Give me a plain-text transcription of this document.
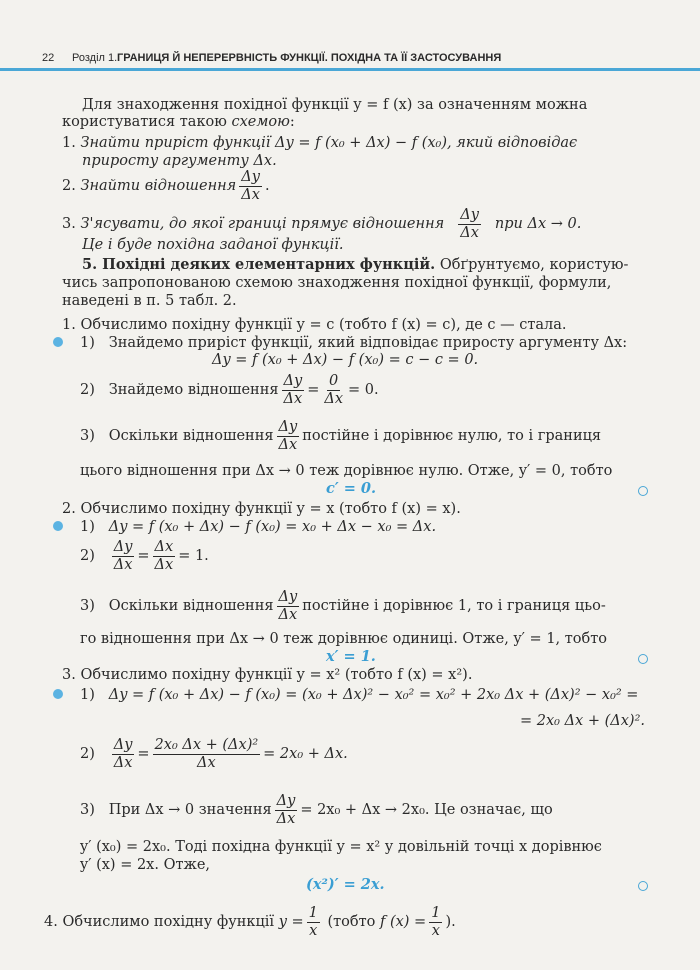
22 Розділ 1. ГРАНИЦЯ Й НЕПЕРЕРВНІСТЬ ФУНКЦІЇ. ПОХІДНА ТА ЇЇ ЗАСТОСУВАННЯ
Для знаходження похідної функції y = f (x) за означенням можна
користуватися такою схемою:
1. Знайти приріст функції Δy = f (x₀ + Δx) − f (x₀), який відповідає
приросту аргументу Δx.
2. Знайти відношення $\frac{\Delta y}{\Delta x}$ .
3. З'ясувати, до якої границі прямує відношення $\frac{\Delta y}{\Delta x}$ при Δx → 0.
Це і буде похідна заданої функції.
5. Похідні деяких елементарних функцій. Обґрунтуємо, користую-
чись запропонованою схемою знаходження похідної функції, формули,
наведені в п. 5 табл. 2.
1. Обчислимо похідну функції y = c (тобто f (x) = c), де c — стала.
1) Знайдемо приріст функції, який відповідає приросту аргументу Δx:
Δy = f (x₀ + Δx) − f (x₀) = c − c = 0.
2) Знайдемо відношення $\frac{\Delta y}{\Delta x} = \frac{0}{\Delta x} = 0$.
3) Оскільки відношення $\frac{\Delta y}{\Delta x}$ постійне і дорівнює нулю, то і границя
цього відношення при Δx → 0 теж дорівнює нулю. Отже, y′ = 0, тобто
c′ = 0.
2. Обчислимо похідну функції y = x (тобто f (x) = x).
1) Δy = f (x₀ + Δx) − f (x₀) = x₀ + Δx − x₀ = Δx.
$2) \frac{\Delta y}{\Delta x} = \frac{\Delta x}{\Delta x} = 1$.
3) Оскільки відношення $\frac{\Delta y}{\Delta x}$ постійне і дорівнює 1, то і границя цьо-
го відношення при Δx → 0 теж дорівнює одиниці. Отже, y′ = 1, тобто
x′ = 1.
3. Обчислимо похідну функції y = x² (тобто f (x) = x²).
1) Δy = f (x₀ + Δx) − f (x₀) = (x₀ + Δx)² − x₀² = x₀² + 2x₀ Δx + (Δx)² − x₀² =
= 2x₀ Δx + (Δx)².
$2) \frac{\Delta y}{\Delta x} = \frac{\text{2x₀ Δx + (Δx)²}}{\Delta x} = 2x_0 + \Delta x$.
3) При Δx → 0 значення $\frac{\Delta y}{\Delta x} = 2x_0 + \Delta x \to 2x_0$. Це означає, що
y′ (x₀) = 2x₀. Тоді похідна функції y = x² у довільній точці x дорівнює
y′ (x) = 2x. Отже,
(x²)′ = 2x.
4. Обчислимо похідну функції $y = \frac{1}{x}$ (тобто f $(x) = \frac{1}{x}$ ).
